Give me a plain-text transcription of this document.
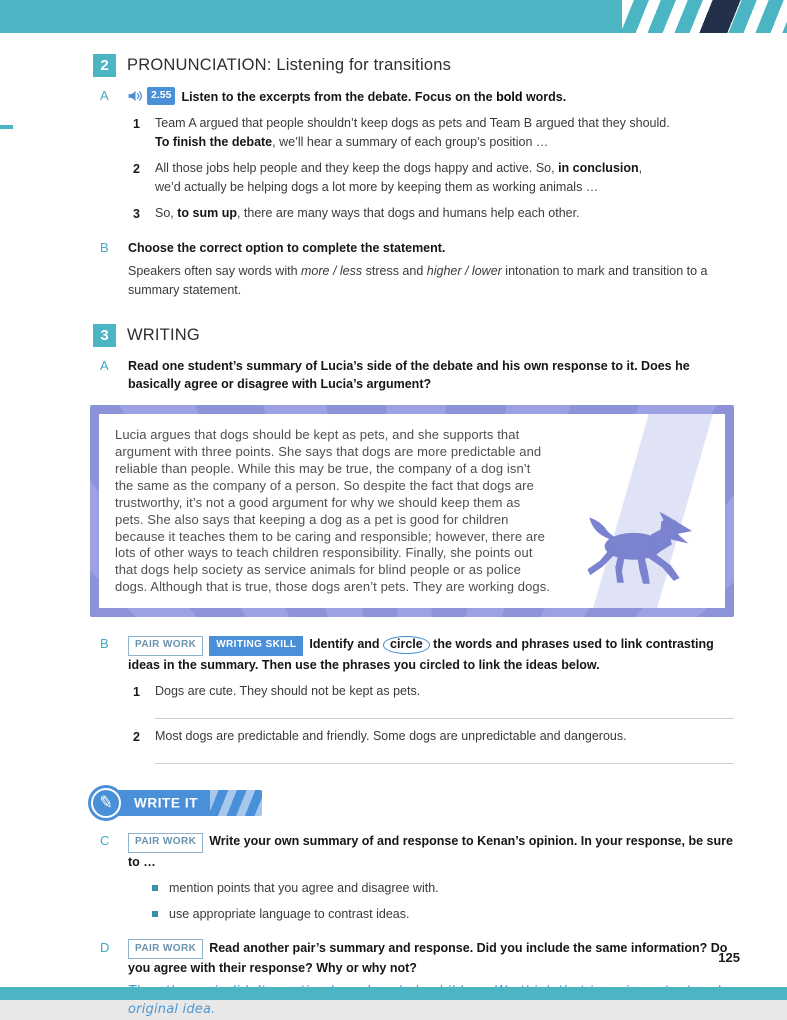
2	PRONUNCIATION: Listening for transitions
A	2.55 Listen to the excerpts from the debate. Focus on the bold words.
1	Team A argued that people shouldn’t keep dogs as pets and Team B argued that they should.
To finish the debate, we’ll hear a summary of each group’s position …
2	All those jobs help people and they keep the dogs happy and active. So, in conclusion,
we’d actually be helping dogs a lot more by keeping them as working animals …
3	So, to sum up, there are many ways that dogs and humans help each other.
B	Choose the correct option to complete the statement.
Speakers often say words with more / less stress and higher / lower intonation to mark and transition to a summary statement.
3	WRITING
A	Read one student’s summary of Lucia’s side of the debate and his own response to it. Does he basically agree or disagree with Lucia’s argument?
Lucia argues that dogs should be kept as pets, and she supports that argument with three points. She says that dogs are more predictable and reliable than people. While this may be true, the company of a dog isn’t the same as the company of a person. So despite the fact that dogs are trustworthy, it’s not a good argument for why we should keep them as pets. She also says that keeping a dog as a pet is good for children because it teaches them to be caring and responsible; however, there are lots of other ways to teach children responsibility. Finally, she points out that dogs help society as service animals for blind people or as police dogs. Although that is true, those dogs aren’t pets. They are working dogs.
B	PAIR WORK WRITING SKILL Identify and circle the words and phrases used to link contrasting ideas in the summary. Then use the phrases you circled to link the ideas below.
1	Dogs are cute. They should not be kept as pets.
2	Most dogs are predictable and friendly. Some dogs are unpredictable and dangerous.
✎	WRITE IT
C	PAIR WORK Write your own summary of and response to Kenan’s opinion. In your response, be sure to …
mention points that you agree and disagree with.
use appropriate language to contrast ideas.
D	PAIR WORK Read another pair’s summary and response. Did you include the same information? Do you agree with their response? Why or why not?
original idea.
125
